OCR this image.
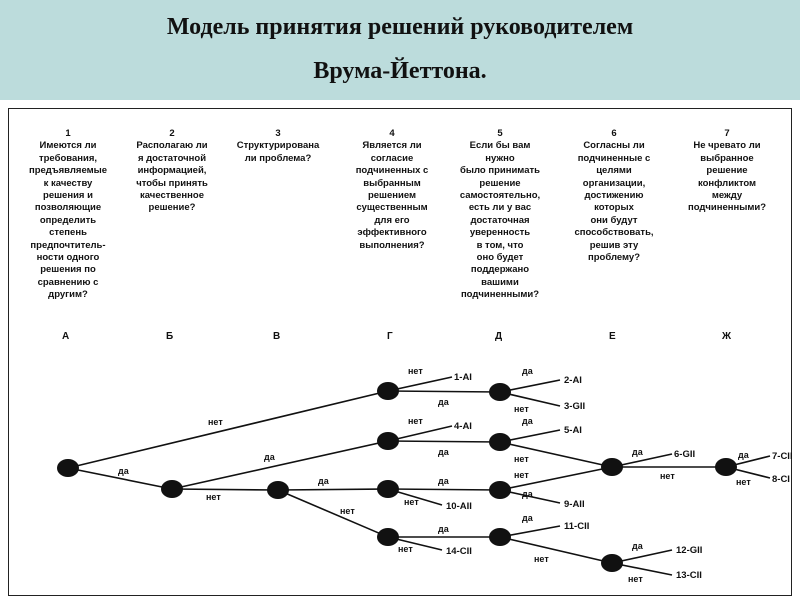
Модель принятия решений руководителем
Врума-Йеттона.
1
Имеются ли
требования,
предъявляемые
к качеству
решения и
позволяющие
определить
степень
предпочтитель-
ности одного
решения по
сравнению с
другим?
2
Располагаю ли
я достаточной
информацией, чтобы принять
качественное
решение?
3
Структурирована
ли проблема?
4
Является ли
согласие
подчиненных с
выбранным
решением
существенным
для его
эффективного
выполнения?
5
Если бы вам
нужно
было принимать
решение
самостоятельно,
есть ли у вас
достаточная
уверенность
в том, что
оно будет
поддержано
вашими
подчиненными?
6
Согласны ли
подчиненные с
целями
организации,
достижению
которых
они будут
способствовать,
решив эту
проблему?
7
Не чревато ли
выбранное
решение
конфликтом
между
подчиненными?
А	Б	В	Г	Д	Е	Ж
нет
да
да
нет
да
нет
нет
да
нет
да
да
нет
да
нет
да
нет
да
нет
нет
да
да
нет
да
нет
да
нет
да
нет
1-AI	2-AI
3-GII
4-AI	5-AI
6-GII	7-CII
8-CI
9-AII
10-AII
11-CII
12-GII
13-CII
14-CII
